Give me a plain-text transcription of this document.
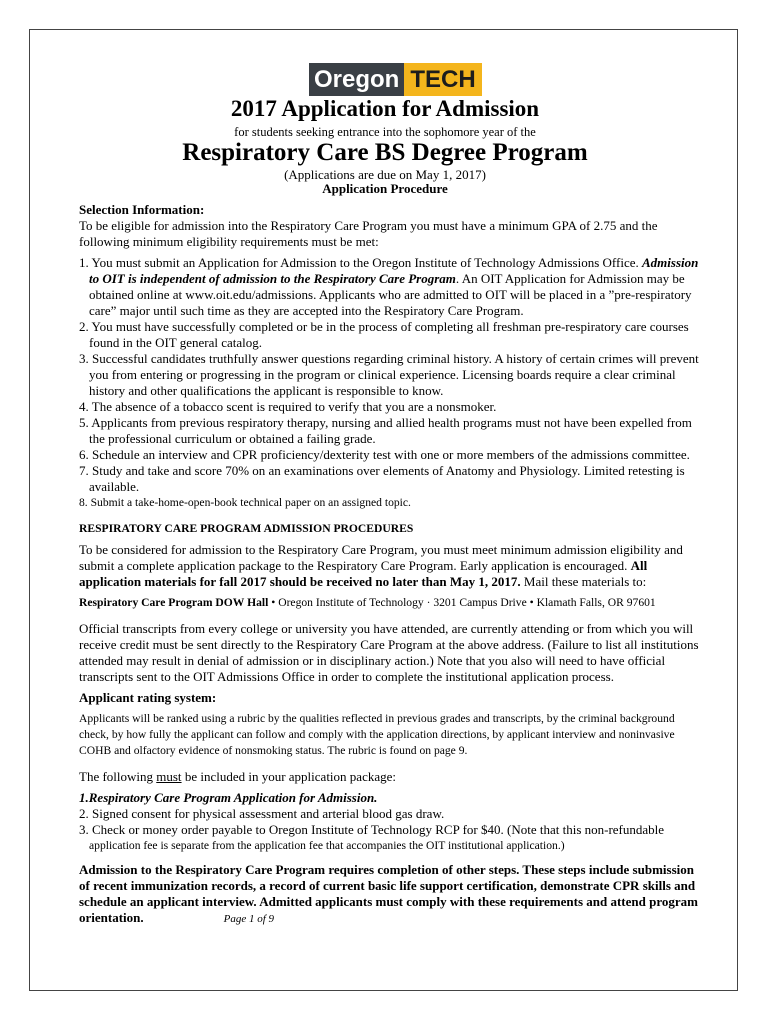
Oregon TECH
2017 Application for Admission
for students seeking entrance into the sophomore year of the
Respiratory Care BS Degree Program
(Applications are due on May 1, 2017)
Application Procedure

Selection Information:

To be eligible for admission into the Respiratory Care Program you must have a minimum GPA of 2.75 and the following minimum eligibility requirements must be met:

1. You must submit an Application for Admission to the Oregon Institute of Technology Admissions Office. Admission to OIT is independent of admission to the Respiratory Care Program. An OIT Application for Admission may be obtained online at www.oit.edu/admissions. Applicants who are admitted to OIT will be placed in a ”pre-respiratory care” major until such time as they are accepted into the Respiratory Care Program.

2. You must have successfully completed or be in the process of completing all freshman pre-respiratory care courses found in the OIT general catalog.

3. Successful candidates truthfully answer questions regarding criminal history. A history of certain crimes will prevent you from entering or progressing in the program or clinical experience. Licensing boards require a clear criminal history and other qualifications the applicant is responsible to know.

4. The absence of a tobacco scent is required to verify that you are a nonsmoker.

5. Applicants from previous respiratory therapy, nursing and allied health programs must not have been expelled from the professional curriculum or obtained a failing grade.

6. Schedule an interview and CPR proficiency/dexterity test with one or more members of the admissions committee.

7. Study and take and score 70% on an examinations over elements of Anatomy and Physiology. Limited retesting is available.

8. Submit a take-home-open-book technical paper on an assigned topic.

RESPIRATORY CARE PROGRAM ADMISSION PROCEDURES

To be considered for admission to the Respiratory Care Program, you must meet minimum admission eligibility and submit a complete application package to the Respiratory Care Program. Early application is encouraged. All application materials for fall 2017 should be received no later than May 1, 2017. Mail these materials to:

Respiratory Care Program DOW Hall • Oregon Institute of Technology · 3201 Campus Drive • Klamath Falls, OR 97601

Official transcripts from every college or university you have attended, are currently attending or from which you will receive credit must be sent directly to the Respiratory Care Program at the above address. (Failure to list all institutions attended may result in denial of admission or in disciplinary action.) Note that you also will need to have official transcripts sent to the OIT Admissions Office in order to complete the institutional application process.

Applicant rating system:

Applicants will be ranked using a rubric by the qualities reflected in previous grades and transcripts, by the criminal background check, by how fully the applicant can follow and comply with the application directions, by applicant interview and noninvasive COHB and olfactory evidence of nonsmoking status. The rubric is found on page 9.

The following must be included in your application package:

1.Respiratory Care Program Application for Admission.

2. Signed consent for physical assessment and arterial blood gas draw.

3. Check or money order payable to Oregon Institute of Technology RCP for $40. (Note that this non-refundable

application fee is separate from the application fee that accompanies the OIT institutional application.)

Admission to the Respiratory Care Program requires completion of other steps. These steps include submission of recent immunization records, a record of current basic life support certification, demonstrate CPR skills and schedule an applicant interview. Admitted applicants must comply with these requirements and attend program orientation.	Page 1 of 9
